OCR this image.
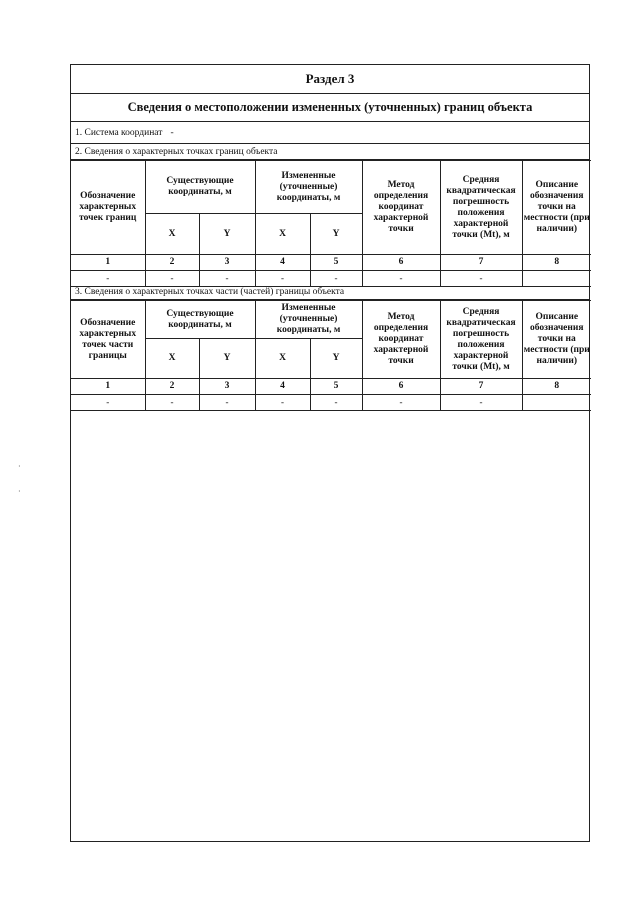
Раздел 3
Сведения о местоположении измененных (уточненных) границ объекта
1. Система координат -
2. Сведения о характерных точках границ объекта
Обозначение характерных точек границ	Существующие координаты, м		Измененные (уточненные) координаты, м		Метод определения координат характерной точки	Средняя квадратическая погрешность положения характерной точки (Mt), м	Описание обозначения точки на местности (при наличии)
	X	Y	X	Y			
1	2	3	4	5	6	7	8
-	-	-	-	-	-	-	
3. Сведения о характерных точках части (частей) границы объекта
Обозначение характерных точек части границы	Существующие координаты, м		Измененные (уточненные) координаты, м		Метод определения координат характерной точки	Средняя квадратическая погрешность положения характерной точки (Mt), м	Описание обозначения точки на местности (при наличии)
	X	Y	X	Y			
1	2	3	4	5	6	7	8
-	-	-	-	-	-	-	
·
·
